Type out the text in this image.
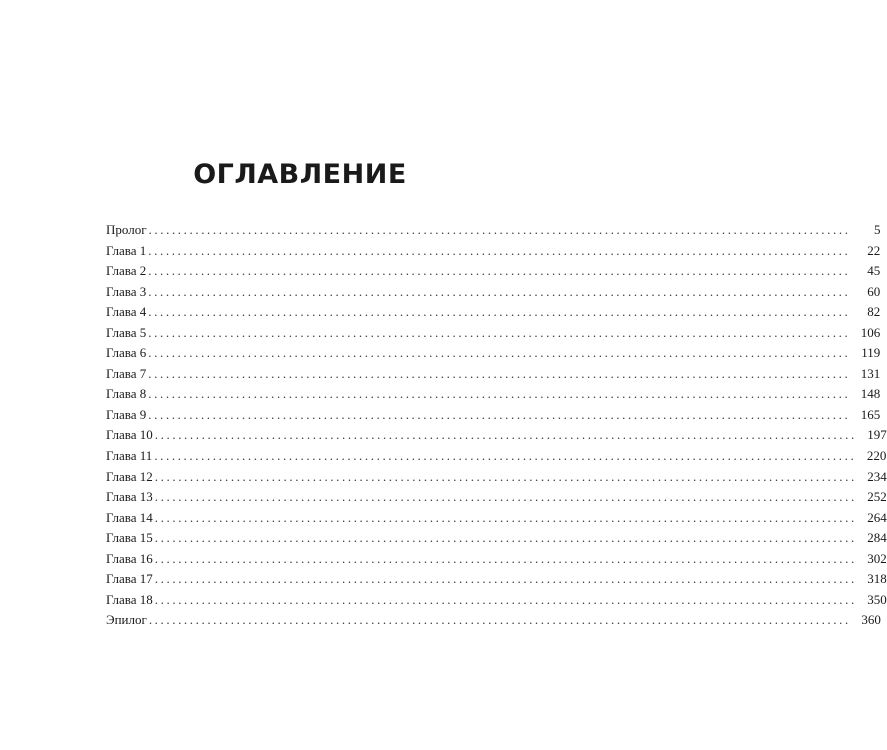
ОГЛАВЛЕНИЕ
Пролог ........................................................................................................................	5
Глава 1 ........................................................................................................................	22
Глава 2 ........................................................................................................................	45
Глава 3 ........................................................................................................................	60
Глава 4 ........................................................................................................................	82
Глава 5 ........................................................................................................................ 106
Глава 6 ........................................................................................................................ 119
Глава 7 ........................................................................................................................ 131
Глава 8 ........................................................................................................................ 148
Глава 9 ........................................................................................................................ 165
Глава 10 ........................................................................................................................ 197
Глава 11 ........................................................................................................................ 220
Глава 12 ........................................................................................................................ 234
Глава 13 ........................................................................................................................ 252
Глава 14 ........................................................................................................................ 264
Глава 15 ........................................................................................................................ 284
Глава 16 ........................................................................................................................ 302
Глава 17 ........................................................................................................................ 318
Глава 18 ........................................................................................................................ 350
Эпилог ........................................................................................................................ 360
